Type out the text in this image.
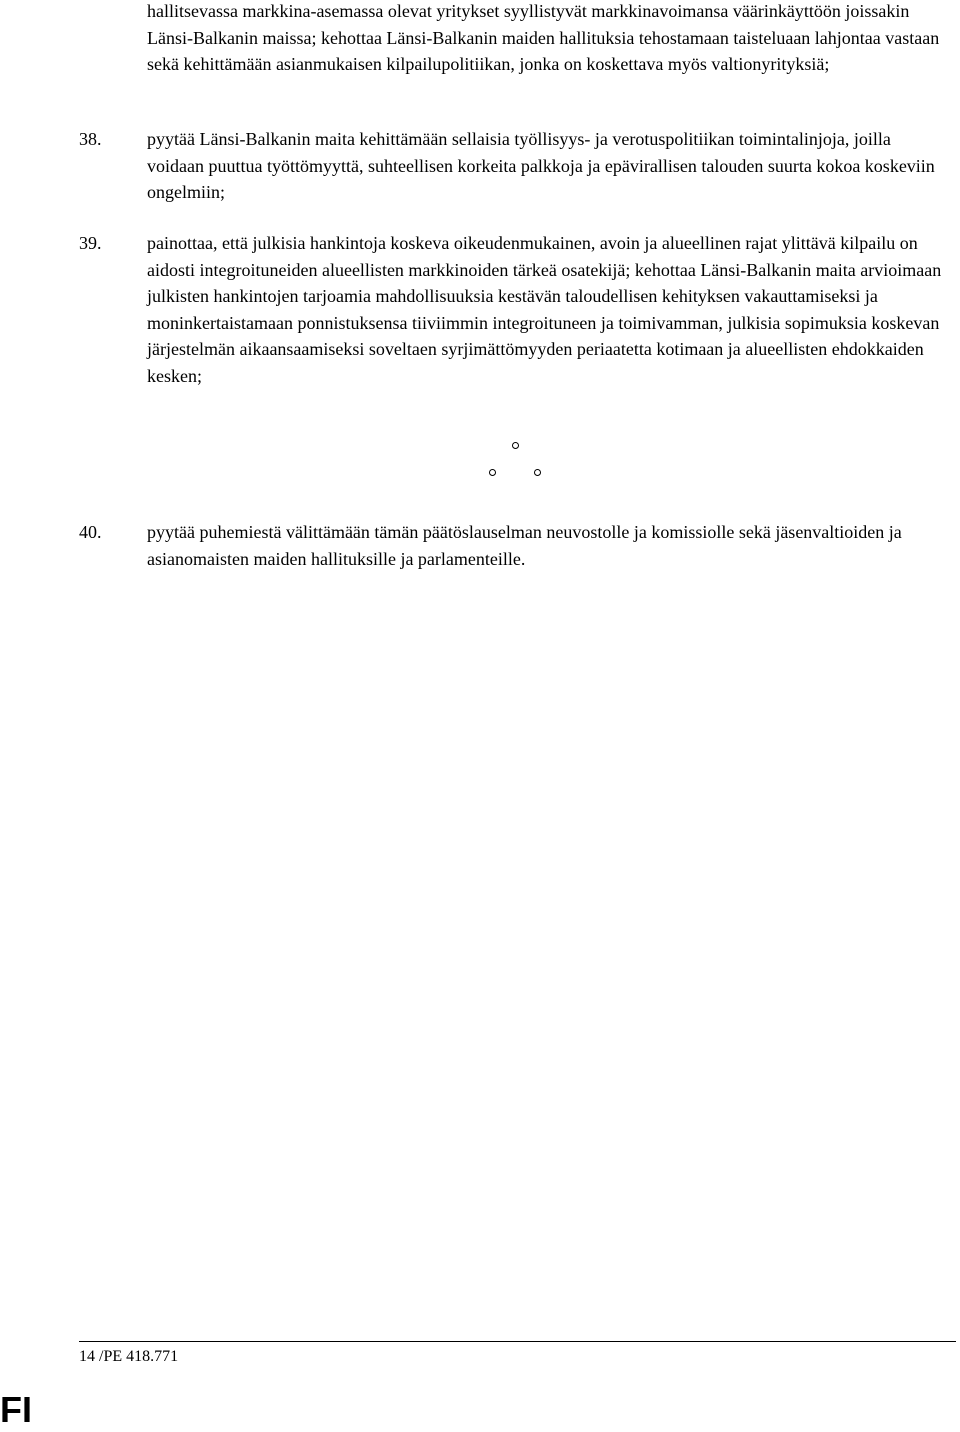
hallitsevassa markkina-asemassa olevat yritykset syyllistyvät markkinavoimansa väärinkäyttöön joissakin Länsi-Balkanin maissa; kehottaa Länsi-Balkanin maiden hallituksia tehostamaan taisteluaan lahjontaa vastaan sekä kehittämään asianmukaisen kilpailupolitiikan, jonka on koskettava myös valtionyrityksiä;

38.	pyytää Länsi-Balkanin maita kehittämään sellaisia työllisyys- ja verotuspolitiikan toimintalinjoja, joilla voidaan puuttua työttömyyttä, suhteellisen korkeita palkkoja ja epävirallisen talouden suurta kokoa koskeviin ongelmiin;

39.	painottaa, että julkisia hankintoja koskeva oikeudenmukainen, avoin ja alueellinen rajat ylittävä kilpailu on aidosti integroituneiden alueellisten markkinoiden tärkeä osatekijä; kehottaa Länsi-Balkanin maita arvioimaan julkisten hankintojen tarjoamia mahdollisuuksia kestävän taloudellisen kehityksen vakauttamiseksi ja moninkertaistamaan ponnistuksensa tiiviimmin integroituneen ja toimivamman, julkisia sopimuksia koskevan järjestelmän aikaansaamiseksi soveltaen syrjimättömyyden periaatetta kotimaan ja alueellisten ehdokkaiden kesken;

40.	pyytää puhemiestä välittämään tämän päätöslauselman neuvostolle ja komissiolle sekä jäsenvaltioiden ja asianomaisten maiden hallituksille ja parlamenteille.

14 /PE 418.771
FI
